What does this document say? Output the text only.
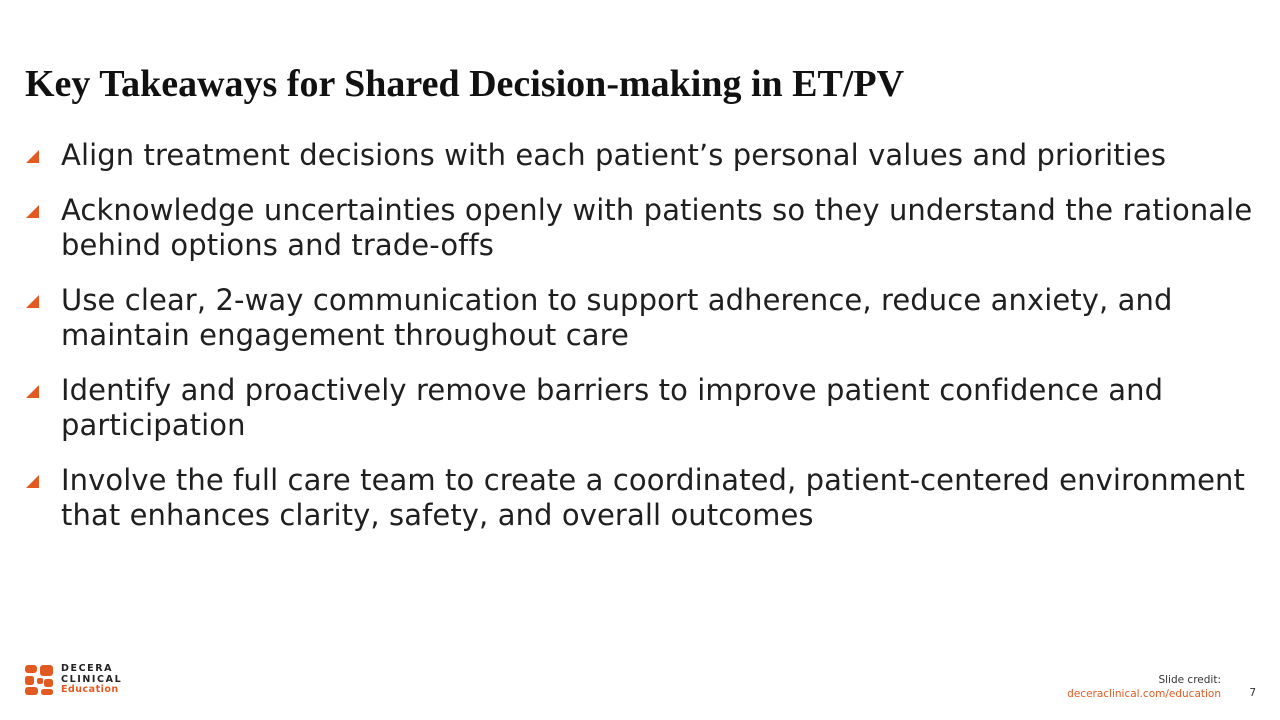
Key Takeaways for Shared Decision-making in ET/PV
Align treatment decisions with each patient’s personal values and priorities
Acknowledge uncertainties openly with patients so they understand the rationale behind options and trade-offs
Use clear, 2-way communication to support adherence, reduce anxiety, and maintain engagement throughout care
Identify and proactively remove barriers to improve patient confidence and participation
Involve the full care team to create a coordinated, patient-centered environment that enhances clarity, safety, and overall outcomes
DECERA
CLINICAL
Education
Slide credit:
deceraclinical.com/education	7
